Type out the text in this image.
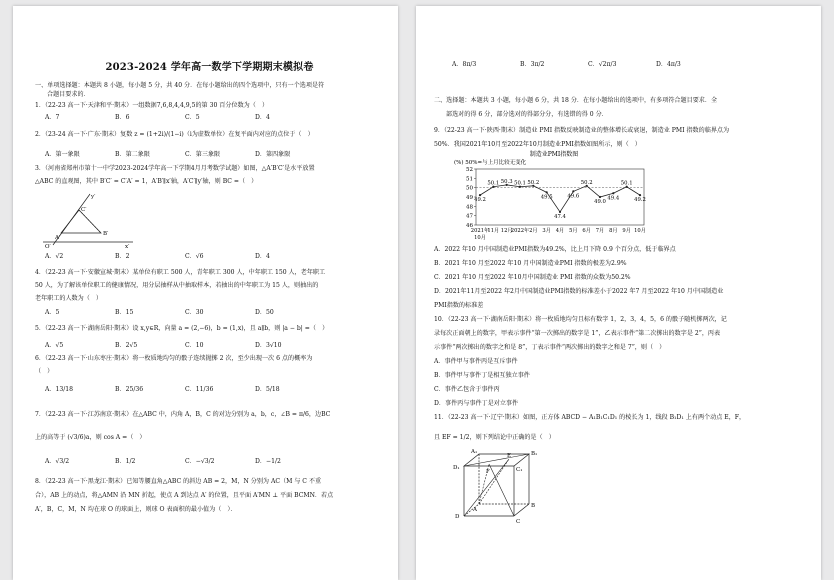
2023-2024 学年高一数学下学期期末模拟卷
一、单项选择题：本题共 8 小题，每小题 5 分，共 40 分．在每小题给出的四个选项中，只有一个选项是符
合题目要求的．
1．（22-23 高一下·天津和平·期末）一组数据7,6,8,4,4,9,5的第 30 百分位数为（　）
A．7	B．6	C．5	D．4
2．（23-24 高一下·广东·期末）复数 z = (1+2i)/(1−i)（i为虚数单位）在复平面内对应的点位于（　）
A．第一象限	B．第二象限	C．第三象限	D．第四象限
3．（河南省郑州市第十一中学2023-2024学年高一下学期4月月考数学试题）如图，△A′B′C′是水平放置
△ABC 的直观图，其中 B′C′ = C′A′ = 1，A′B′∥x′轴，A′C′∥y′轴，则 BC =（　）
y′
C′
A′
B′
O′	x′
A．√2	B．2	C．√6	D．4
4．（22-23 高一下·安徽宣城·期末）某单位有职工 500 人，青年职工 300 人，中年职工 150 人，老年职工
50 人，为了解该单位职工的健康情况，用分层抽样从中抽取样本，若抽出的中年职工为 15 人，则抽出的
老年职工的人数为（　）
A．5	B．15	C．30	D．50
5．（22-23 高一下·湖南岳阳·期末）设 x,y∈R，向量 a = (2,−6)，b = (1,x)，且 a∥b，则 |a − b| =（　）
A．√5	B．2√5	C．10	D．3√10
6．（22-23 高一下·山东枣庄·期末）将一枚质地均匀的骰子连续抛掷 2 次，至少出现一次 6 点的概率为
（　）
A．13/18	B．25/36	C．11/36	D．5/18
7．（22-23 高一下·江苏南京·期末）在△ABC 中，内角 A，B，C 的对边分别为 a，b，c，∠B = π/6，边BC
上的高等于 (√3/6)a，则 cos A =（　）
A．√3/2	B．1/2	C．−√3/2	D．−1/2
8．（22-23 高一下·黑龙江·期末）已知等腰直角△ABC 的斜边 AB = 2，M，N 分别为 AC（M 与 C 不重
合），AB 上的动点，将△AMN 沿 MN 折起，使点 A 到达点 A′ 的位置，且平面 A′MN ⊥ 平面 BCMN．若点
A′，B，C，M，N 均在球 O 的球面上，则球 O 表面积的最小值为（　）．
A．8π/3	B．3π/2	C．√2π/3	D．4π/3
二、选择题：本题共 3 小题，每小题 6 分，共 18 分．在每小题给出的选项中，有多项符合题目要求．全
部选对的得 6 分，部分选对的得部分分，有选错的得 0 分．
9．（22-23 高一下·陕西·期末）制造业 PMI 指数反映制造业的整体增长或衰退，制造业 PMI 指数的临界点为
50%．我国2021年10月至2022年10月制造业PMI指数如图所示，则（　）
制造业PMI指数图
(%) 50%=与上月比较无变化
46
47
48
49
50
51
52
49.2
50.1 50.3 50.1 50.2
49.5
47.4
49.6
50.2
49.0
49.4
50.1
49.2
2021年
11月 12月
2022年 2月 3月 4月 5月 6月 7月 8月 9月 10月
10月
A．2022 年10 月中国制造业PMI指数为49.2%，比上月下降 0.9 个百分点，低于临界点
B．2021 年10 月至2022 年10 月中国制造业PMI 指数的极差为2.9%
C．2021 年10 月至2022 年10月中国制造业 PMI 指数的众数为50.2%
D．2021年11月至2022 年2月中国制造业PMI指数的标准差小于2022 年7 月至2022 年10 月中国制造业
PMI指数的标准差
10．（22-23 高一下·湖南岳阳·期末）将一枚质地均匀且标有数字 1，2，3，4，5，6 的骰子随机掷两次，记
录每次正面朝上的数字，甲表示事件“第一次掷出的数字是 1”，乙表示事件“第二次掷出的数字是 2”，丙表
示事件“两次掷出的数字之和是 8”，丁表示事件“两次掷出的数字之和是 7”，则（　）
A．事件甲与事件丙是互斥事件
B．事件甲与事件丁是相互独立事件
C．事件乙包含于事件丙
D．事件丙与事件丁是对立事件
11．（22-23 高一下·辽宁·期末）如图，正方体 ABCD − A₁B₁C₁D₁ 的棱长为 1，线段 B₁D₁ 上有两个动点 E，F，
且 EF = 1/2，则下列结论中正确的是（　）
D₁
A₁
F
B₁
E
C₁
D
C
A
B
